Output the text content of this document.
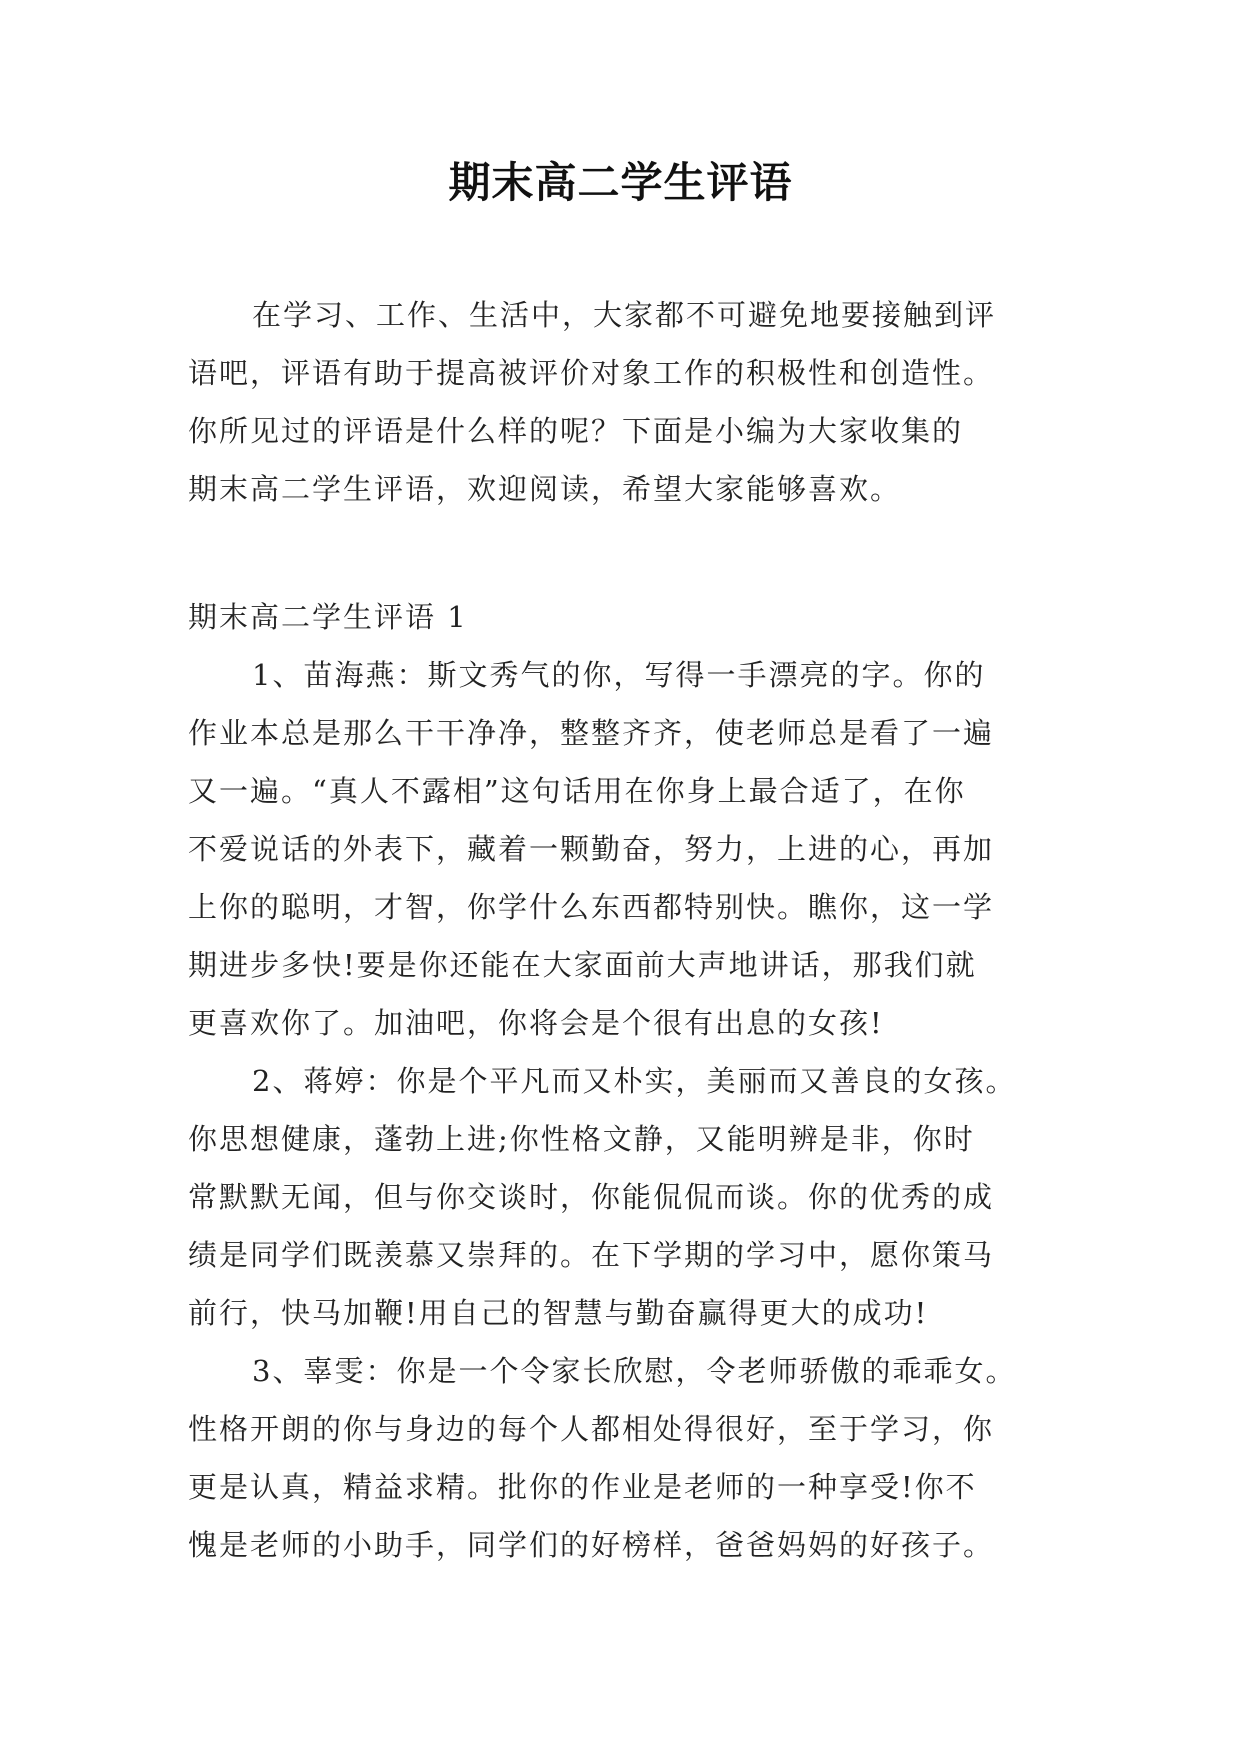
期末高二学生评语
在学习、工作、生活中，大家都不可避免地要接触到评
语吧，评语有助于提高被评价对象工作的积极性和创造性。
你所见过的评语是什么样的呢？下面是小编为大家收集的
期末高二学生评语，欢迎阅读，希望大家能够喜欢。
期末高二学生评语 1
1、苗海燕：斯文秀气的你，写得一手漂亮的字。你的
作业本总是那么干干净净，整整齐齐，使老师总是看了一遍
又一遍。“真人不露相”这句话用在你身上最合适了，在你
不爱说话的外表下，藏着一颗勤奋，努力，上进的心，再加
上你的聪明，才智，你学什么东西都特别快。瞧你，这一学
期进步多快!要是你还能在大家面前大声地讲话，那我们就
更喜欢你了。加油吧，你将会是个很有出息的女孩!
2、蒋婷：你是个平凡而又朴实，美丽而又善良的女孩。
你思想健康，蓬勃上进;你性格文静，又能明辨是非，你时
常默默无闻，但与你交谈时，你能侃侃而谈。你的优秀的成
绩是同学们既羡慕又崇拜的。在下学期的学习中，愿你策马
前行，快马加鞭!用自己的智慧与勤奋赢得更大的成功!
3、辜雯：你是一个令家长欣慰，令老师骄傲的乖乖女。
性格开朗的你与身边的每个人都相处得很好，至于学习，你
更是认真，精益求精。批你的作业是老师的一种享受!你不
愧是老师的小助手，同学们的好榜样，爸爸妈妈的好孩子。
